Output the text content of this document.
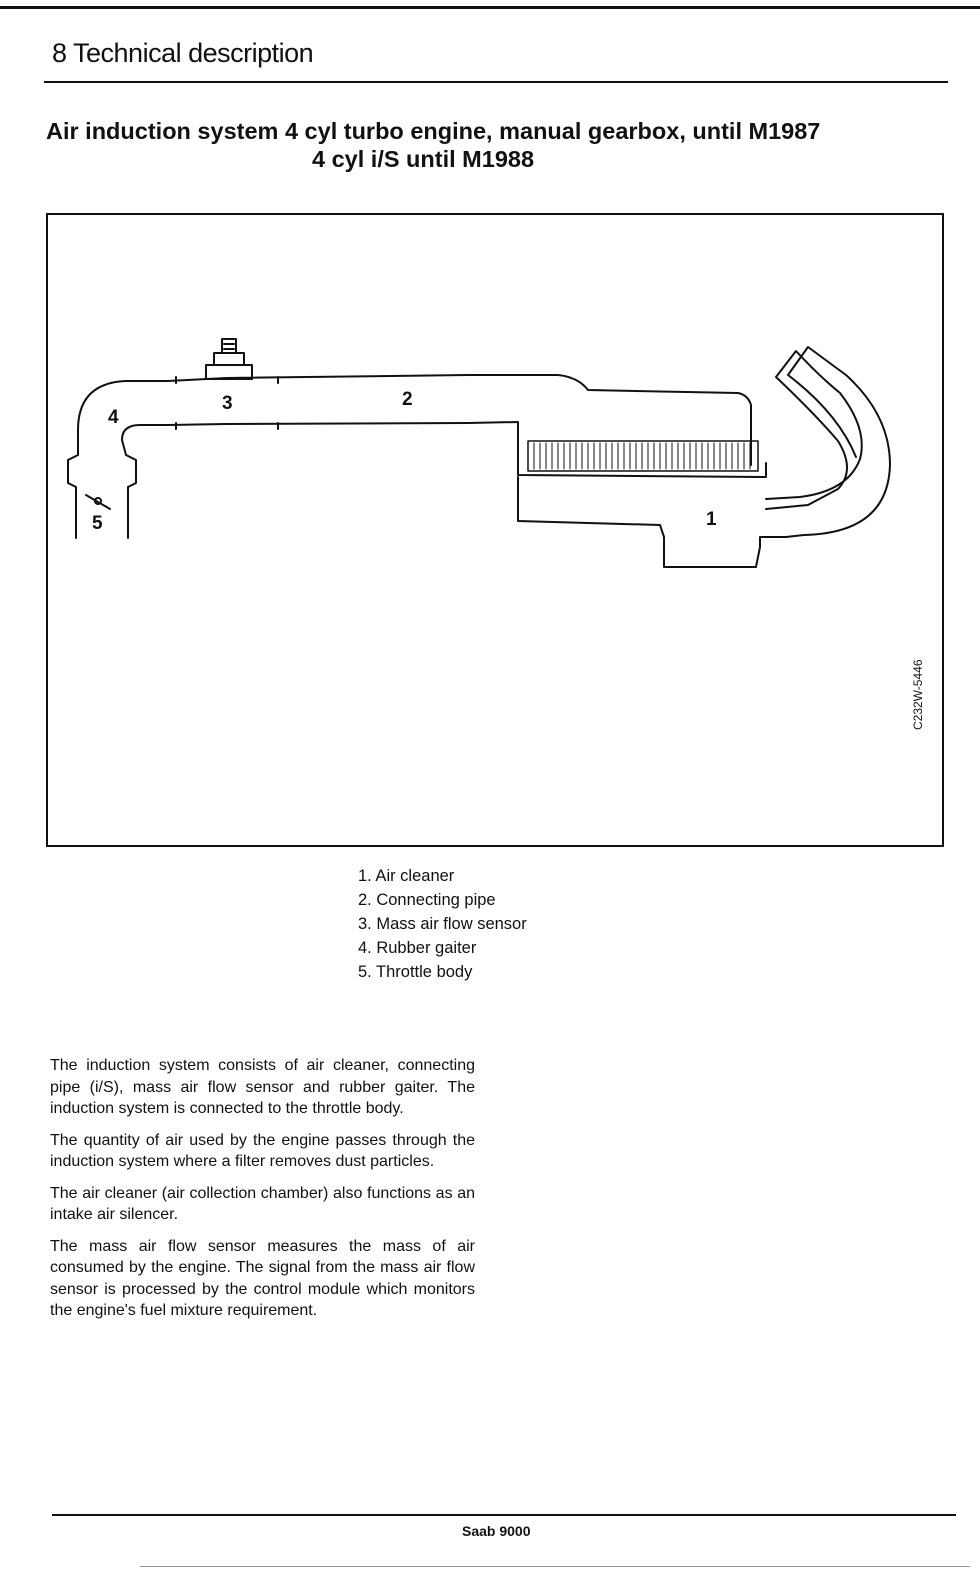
8 Technical description
Air induction system 4 cyl turbo engine, manual gearbox, until M1987
4 cyl i/S until M1988
1
2
3
4
5
C232W-5446
1. Air cleaner
2. Connecting pipe
3. Mass air flow sensor
4. Rubber gaiter
5. Throttle body

The induction system consists of air cleaner, connecting pipe (i/S), mass air flow sensor and rubber gaiter. The induction system is connected to the throttle body.

The quantity of air used by the engine passes through the induction system where a filter removes dust particles.

The air cleaner (air collection chamber) also functions as an intake air silencer.

The mass air flow sensor measures the mass of air consumed by the engine. The signal from the mass air flow sensor is processed by the control module which monitors the engine's fuel mixture requirement.

Saab 9000
